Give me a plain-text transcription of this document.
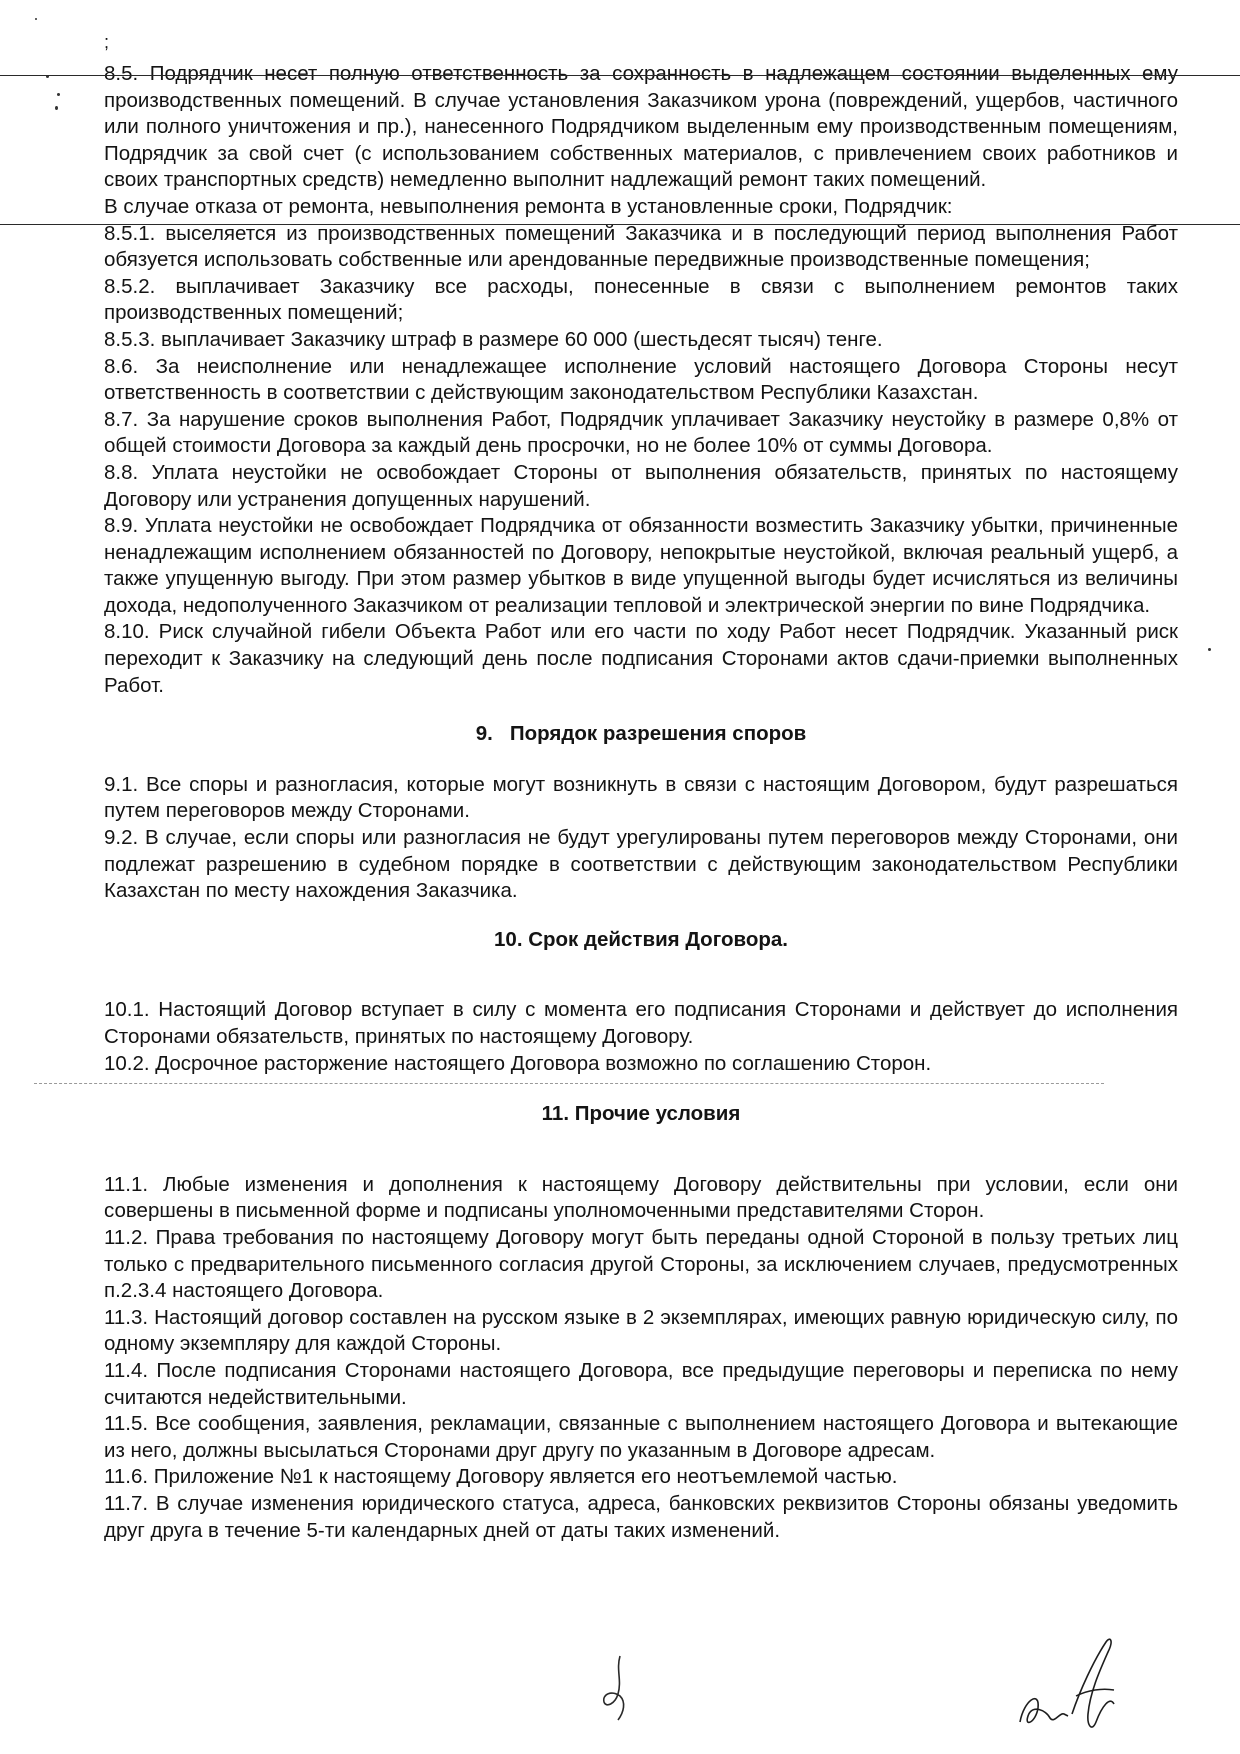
;

8.5. Подрядчик несет полную ответственность за сохранность в надлежащем состоянии выделенных ему производственных помещений. В случае установления Заказчиком урона (повреждений, ущербов, частичного или полного уничтожения и пр.), нанесенного Подрядчиком выделенным ему производственным помещениям, Подрядчик за свой счет (с использованием собственных материалов, с привлечением своих работников и своих транспортных средств) немедленно выполнит надлежащий ремонт таких помещений.

В случае отказа от ремонта, невыполнения ремонта в установленные сроки, Подрядчик:

8.5.1. выселяется из производственных помещений Заказчика и в последующий период выполнения Работ обязуется использовать собственные или арендованные передвижные производственные помещения;

8.5.2. выплачивает Заказчику все расходы, понесенные в связи с выполнением ремонтов таких производственных помещений;

8.5.3. выплачивает Заказчику штраф в размере 60 000 (шестьдесят тысяч) тенге.

8.6. За неисполнение или ненадлежащее исполнение условий настоящего Договора Стороны несут ответственность в соответствии с действующим законодательством Республики Казахстан.

8.7. За нарушение сроков выполнения Работ, Подрядчик уплачивает Заказчику неустойку в размере 0,8% от общей стоимости Договора за каждый день просрочки, но не более 10% от суммы Договора.

8.8. Уплата неустойки не освобождает Стороны от выполнения обязательств, принятых по настоящему Договору или устранения допущенных нарушений.

8.9. Уплата неустойки не освобождает Подрядчика от обязанности возместить Заказчику убытки, причиненные ненадлежащим исполнением обязанностей по Договору, непокрытые неустойкой, включая реальный ущерб, а также упущенную выгоду. При этом размер убытков в виде упущенной выгоды будет исчисляться из величины дохода, недополученного Заказчиком от реализации тепловой и электрической энергии по вине Подрядчика.

8.10. Риск случайной гибели Объекта Работ или его части по ходу Работ несет Подрядчик. Указанный риск переходит к Заказчику на следующий день после подписания Сторонами актов сдачи-приемки выполненных Работ.

9.   Порядок разрешения споров

9.1. Все споры и разногласия, которые могут возникнуть в связи с настоящим Договором, будут разрешаться путем переговоров между Сторонами.

9.2. В случае, если споры или разногласия не будут урегулированы путем переговоров между Сторонами, они подлежат разрешению в судебном порядке в соответствии с действующим законодательством Республики Казахстан по месту нахождения Заказчика.

10. Срок действия Договора.

10.1. Настоящий Договор вступает в силу с момента его подписания Сторонами и действует до исполнения Сторонами обязательств, принятых по настоящему Договору.

10.2. Досрочное расторжение настоящего Договора возможно по соглашению Сторон.

11. Прочие условия

11.1. Любые изменения и дополнения к настоящему Договору действительны при условии, если они совершены в письменной форме и подписаны уполномоченными представителями Сторон.

11.2. Права требования по настоящему Договору могут быть переданы одной Стороной в пользу третьих лиц только с предварительного письменного согласия другой Стороны, за исключением случаев, предусмотренных п.2.3.4 настоящего Договора.

11.3. Настоящий договор составлен на русском языке в 2 экземплярах, имеющих равную юридическую силу, по одному экземпляру для каждой Стороны.

11.4. После подписания Сторонами настоящего Договора, все предыдущие переговоры и переписка по нему считаются недействительными.

11.5. Все сообщения, заявления, рекламации, связанные с выполнением настоящего Договора и вытекающие из него, должны высылаться Сторонами друг другу по указанным в Договоре адресам.

11.6. Приложение №1 к настоящему Договору является его неотъемлемой частью.

11.7. В случае изменения юридического статуса, адреса, банковских реквизитов Стороны обязаны уведомить друг друга в течение 5-ти календарных дней от даты таких изменений.
